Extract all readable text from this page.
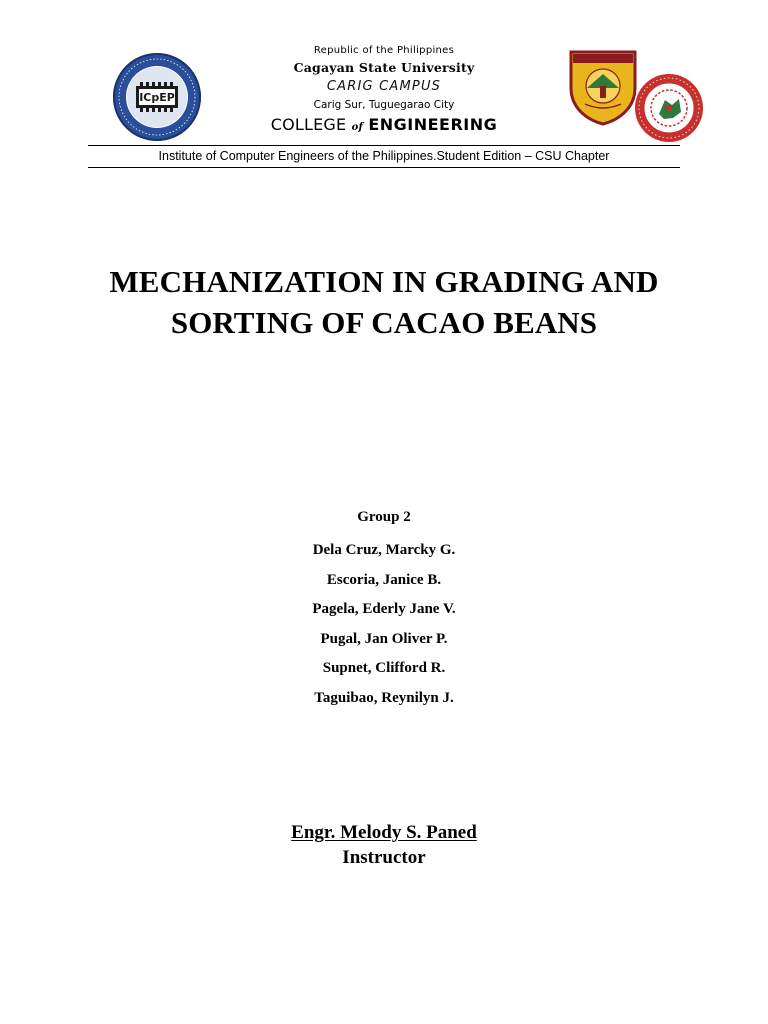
ICpEP
Republic of the Philippines
Cagayan State University
CARIG CAMPUS
Carig Sur, Tuguegarao City
COLLEGE of ENGINEERING
Institute of Computer Engineers of the Philippines.Student Edition – CSU Chapter
MECHANIZATION IN GRADING AND
SORTING OF CACAO BEANS
Group 2
Dela Cruz, Marcky G.
Escoria, Janice B.
Pagela, Ederly Jane V.
Pugal, Jan Oliver P.
Supnet, Clifford R.
Taguibao, Reynilyn J.
Engr. Melody S. Paned
Instructor
